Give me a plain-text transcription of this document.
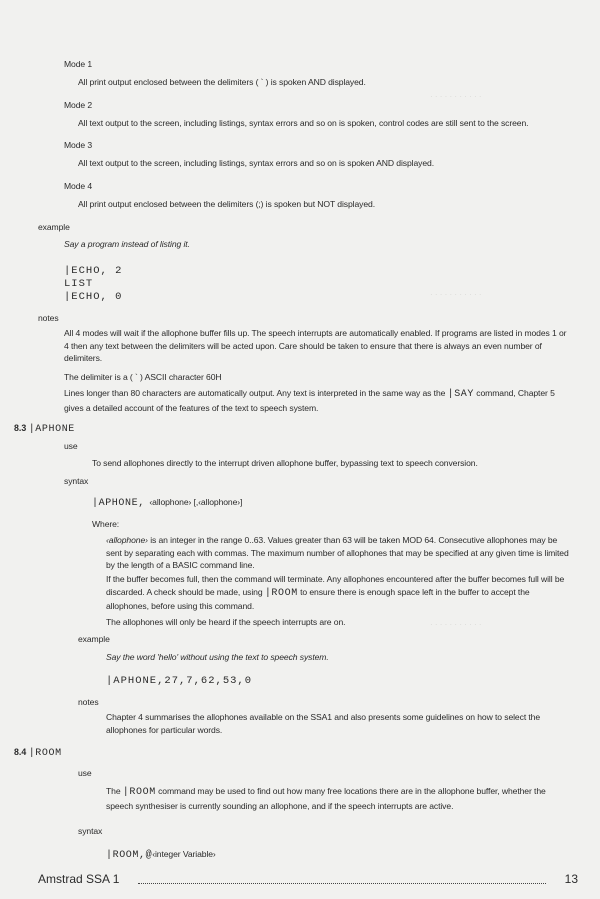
· · · · · · · · · · ·
· · · · · · · · · · ·
· · · · · · · · · · ·
Mode 1
All print output enclosed between the delimiters ( ` ) is spoken AND displayed.
Mode 2
All text output to the screen, including listings, syntax errors and so on is spoken, control codes are still sent to the screen.
Mode 3
All text output to the screen, including listings, syntax errors and so on is spoken AND displayed.
Mode 4
All print output enclosed between the delimiters (;) is spoken but NOT displayed.
example
Say a program instead of listing it.
|ECHO, 2
LIST
|ECHO, 0
notes
All 4 modes will wait if the allophone buffer fills up. The speech interrupts are automatically enabled. If programs are listed in modes 1 or 4 then any text between the delimiters will be acted upon. Care should be taken to ensure that there is always an even number of delimiters.
The delimiter is a ( ` ) ASCII character 60H
Lines longer than 80 characters are automatically output. Any text is interpreted in the same way as the |SAY command, Chapter 5 gives a detailed account of the features of the text to speech system.
8.3 |APHONE
use
To send allophones directly to the interrupt driven allophone buffer, bypassing text to speech conversion.
syntax
|APHONE, ‹allophone› [,‹allophone›]
Where:
‹allophone› is an integer in the range 0..63. Values greater than 63 will be taken MOD 64. Consecutive allophones may be sent by separating each with commas. The maximum number of allophones that may be specified at any given time is limited by the length of a BASIC command line.
If the buffer becomes full, then the command will terminate. Any allophones encountered after the buffer becomes full will be discarded. A check should be made, using |ROOM to ensure there is enough space left in the buffer to accept the allophones, before using this command.
The allophones will only be heard if the speech interrupts are on.
example
Say the word 'hello' without using the text to speech system.
|APHONE,27,7,62,53,0
notes
Chapter 4 summarises the allophones available on the SSA1 and also presents some guidelines on how to select the allophones for particular words.
8.4 |ROOM
use
The |ROOM command may be used to find out how many free locations there are in the allophone buffer, whether the speech synthesiser is currently sounding an allophone, and if the speech interrupts are active.
syntax
|ROOM,@‹integer Variable›
Amstrad SSA 1	13
